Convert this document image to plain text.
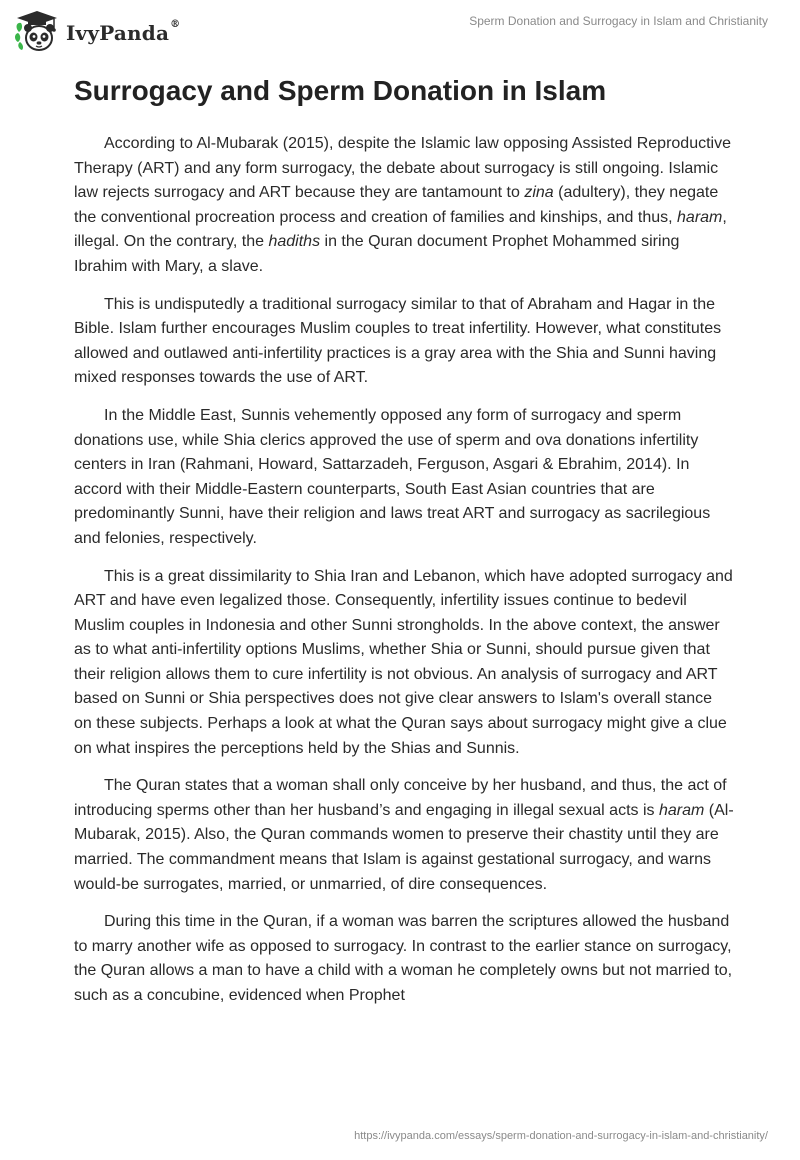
IvyPanda®	Sperm Donation and Surrogacy in Islam and Christianity
Surrogacy and Sperm Donation in Islam

According to Al-Mubarak (2015), despite the Islamic law opposing Assisted Reproductive Therapy (ART) and any form surrogacy, the debate about surrogacy is still ongoing. Islamic law rejects surrogacy and ART because they are tantamount to zina (adultery), they negate the conventional procreation process and creation of families and kinships, and thus, haram, illegal. On the contrary, the hadiths in the Quran document Prophet Mohammed siring Ibrahim with Mary, a slave.

This is undisputedly a traditional surrogacy similar to that of Abraham and Hagar in the Bible. Islam further encourages Muslim couples to treat infertility. However, what constitutes allowed and outlawed anti-infertility practices is a gray area with the Shia and Sunni having mixed responses towards the use of ART.

In the Middle East, Sunnis vehemently opposed any form of surrogacy and sperm donations use, while Shia clerics approved the use of sperm and ova donations infertility centers in Iran (Rahmani, Howard, Sattarzadeh, Ferguson, Asgari & Ebrahim, 2014). In accord with their Middle-Eastern counterparts, South East Asian countries that are predominantly Sunni, have their religion and laws treat ART and surrogacy as sacrilegious and felonies, respectively.

This is a great dissimilarity to Shia Iran and Lebanon, which have adopted surrogacy and ART and have even legalized those. Consequently, infertility issues continue to bedevil Muslim couples in Indonesia and other Sunni strongholds. In the above context, the answer as to what anti-infertility options Muslims, whether Shia or Sunni, should pursue given that their religion allows them to cure infertility is not obvious. An analysis of surrogacy and ART based on Sunni or Shia perspectives does not give clear answers to Islam's overall stance on these subjects. Perhaps a look at what the Quran says about surrogacy might give a clue on what inspires the perceptions held by the Shias and Sunnis.

The Quran states that a woman shall only conceive by her husband, and thus, the act of introducing sperms other than her husband’s and engaging in illegal sexual acts is haram (Al-Mubarak, 2015). Also, the Quran commands women to preserve their chastity until they are married. The commandment means that Islam is against gestational surrogacy, and warns would-be surrogates, married, or unmarried, of dire consequences.

During this time in the Quran, if a woman was barren the scriptures allowed the husband to marry another wife as opposed to surrogacy. In contrast to the earlier stance on surrogacy, the Quran allows a man to have a child with a woman he completely owns but not married to, such as a concubine, evidenced when Prophet

https://ivypanda.com/essays/sperm-donation-and-surrogacy-in-islam-and-christianity/
